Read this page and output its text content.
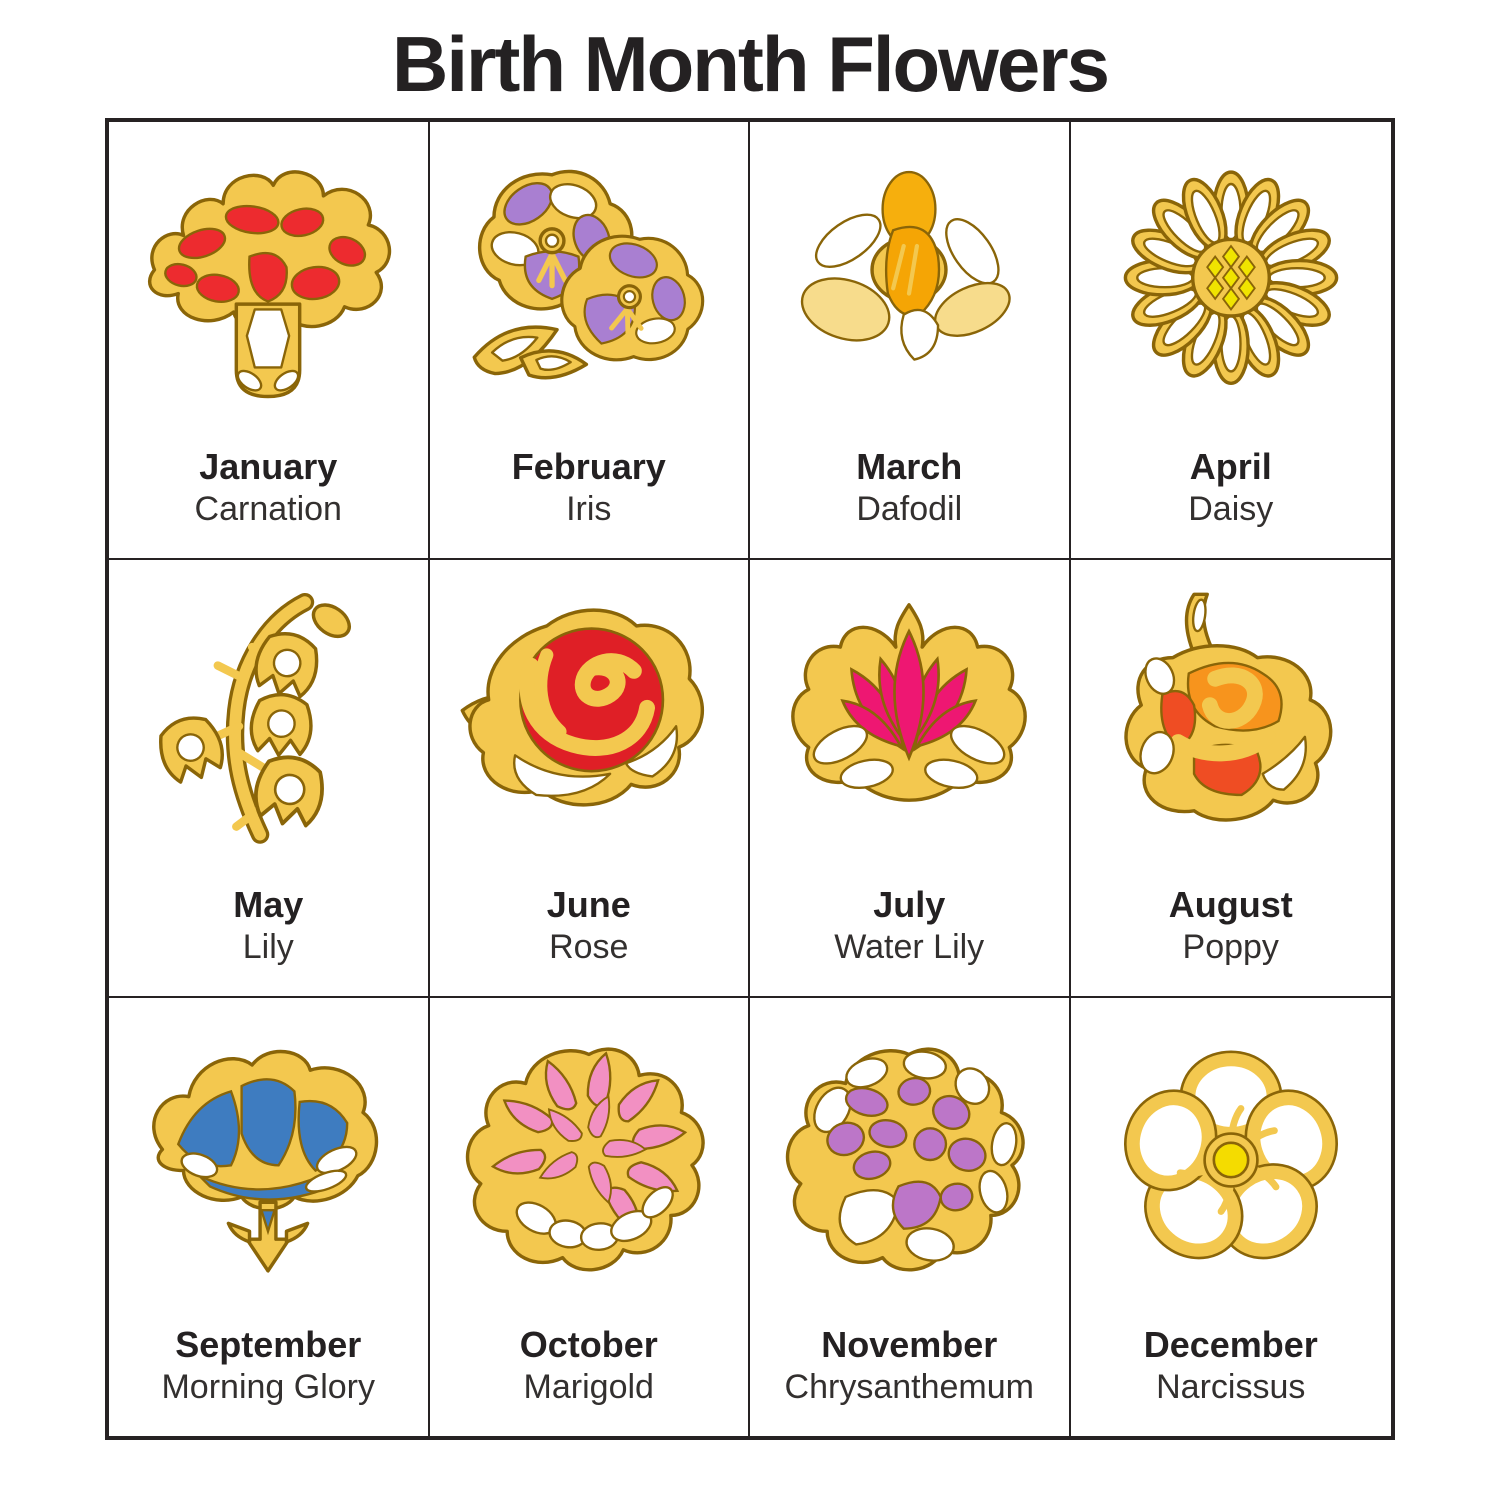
Birth Month Flowers
January
Carnation
February
Iris
March
Dafodil
April
Daisy
May
Lily
June
Rose
July
Water Lily
August
Poppy
September
Morning Glory
October
Marigold
November
Chrysanthemum
December
Narcissus
